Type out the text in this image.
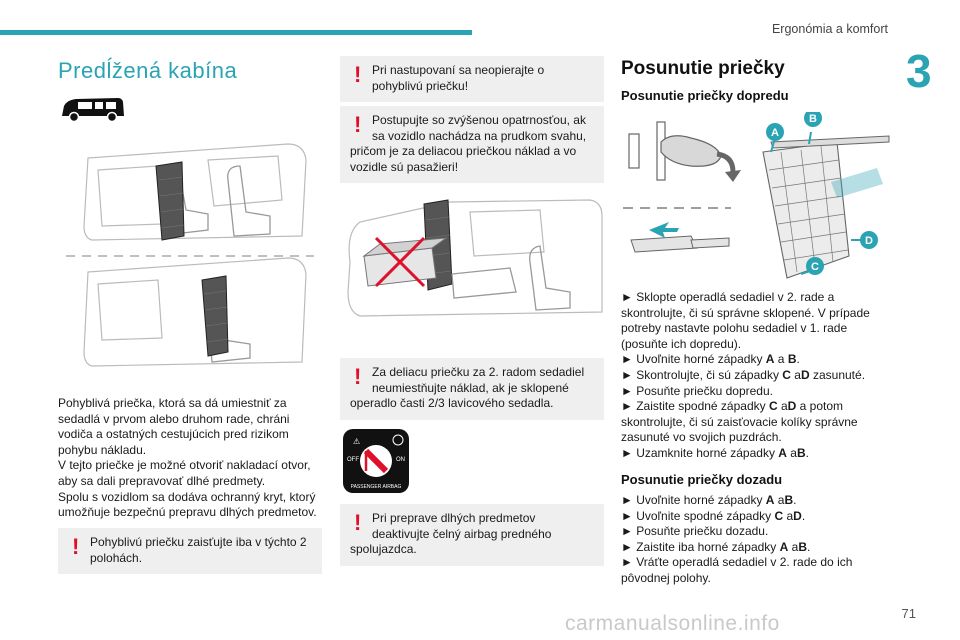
Ergonómia a komfort
3
Predĺžená kabína
Pohyblivá priečka, ktorá sa dá umiestniť za
sedadlá v prvom alebo druhom rade, chráni
vodiča a ostatných cestujúcich pred rizikom
pohybu nákladu.
V tejto priečke je možné otvoriť nakladací otvor,
aby sa dali prepravovať dlhé predmety.
Spolu s vozidlom sa dodáva ochranný kryt, ktorý
umožňuje bezpečnú prepravu dlhých predmetov.
! Pohyblivú priečku zaisťujte iba v týchto 2
polohách.
! Pri nastupovaní sa neopierajte o
pohyblivú priečku!
! Postupujte so zvýšenou opatrnosťou, ak
sa vozidlo nachádza na prudkom svahu,
pričom je za deliacou priečkou náklad a vo
vozidle sú pasažieri!
! Za deliacu priečku za 2. radom sedadiel
neumiestňujte náklad, ak je sklopené
operadlo časti 2/3 lavicového sedadla.
⚠
OFF	ON
PASSENGER AIRBAG
! Pri preprave dlhých predmetov
deaktivujte čelný airbag predného
spolujazdca.
Posunutie priečky
Posunutie priečky dopredu
A
B
C
D
► Sklopte operadlá sedadiel v 2. rade a
skontrolujte, či sú správne sklopené. V prípade
potreby nastavte polohu sedadiel v 1. rade
(posuňte ich dopredu).
► Uvoľnite horné západky A a B.
► Skontrolujte, či sú západky C aD zasunuté.
► Posuňte priečku dopredu.
► Zaistite spodné západky C aD a potom
skontrolujte, či sú zaisťovacie kolíky správne
zasunuté vo svojich puzdrách.
► Uzamknite horné západky A aB.
Posunutie priečky dozadu
► Uvoľnite horné západky A aB.
► Uvoľnite spodné západky C aD.
► Posuňte priečku dozadu.
► Zaistite iba horné západky A aB.
► Vráťte operadlá sedadiel v 2. rade do ich
pôvodnej polohy.
71
carmanualsonline.info
